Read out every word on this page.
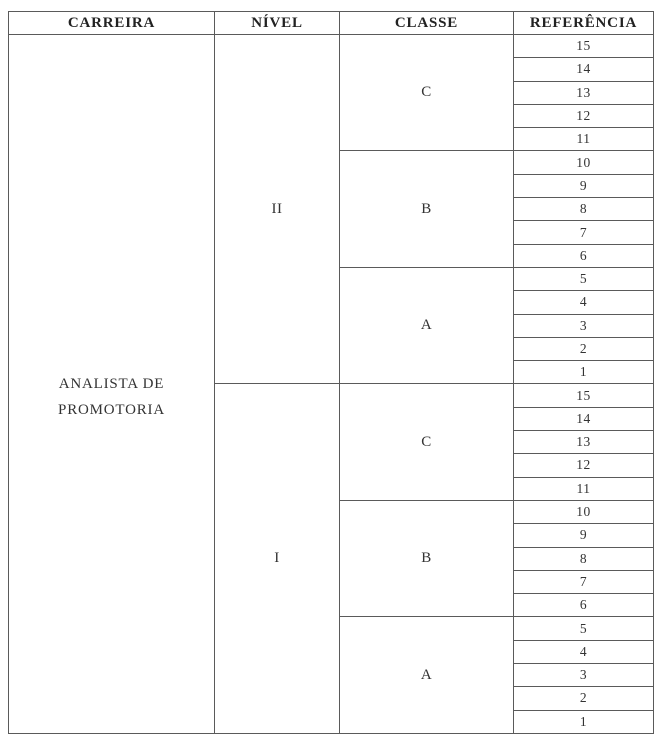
CARREIRA	NÍVEL	CLASSE	REFERÊNCIA
ANALISTA DE
PROMOTORIA	II	C	15
			14
			13
			12
			11
		B	10
			9
			8
			7
			6
		A	5
			4
			3
			2
			1
	I	C	15
			14
			13
			12
			11
		B	10
			9
			8
			7
			6
		A	5
			4
			3
			2
			1
